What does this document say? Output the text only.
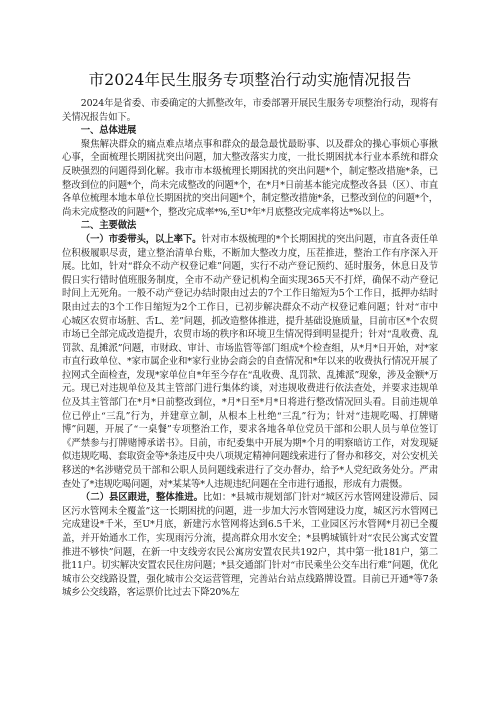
市2024年民生服务专项整治行动实施情况报告

2024年是省委、市委确定的大抓整改年，市委部署开展民生服务专项整治行动，现将有关情况报告如下。

一、总体进展

聚焦解决群众的痛点难点堵点事和群众的最急最忧最盼事、以及群众的操心事烦心事揪心事，全面梳理长期困扰突出问题，加大整改落实力度，一批长期困扰本行业本系统和群众反映强烈的问题得到化解。我市市本级梳理长期困扰的突出问题*个，制定整改措施*条，已整改到位的问题*个，尚未完成整改的问题*个，在*月*日前基本能完成整改各县（区）、市直各单位梳理本地本单位长期困扰的突出问题*个，制定整改措施*条，已整改到位的问题*个，尚未完成整改的问题*个，整改完成率*%,至U*年*月底整改完成率将达*%以上。

二、主要做法

（一）市委带头，以上率下。针对市本级梳理的*个长期困扰的突出问题，市直各责任单位积极履职尽责，建立整治清单台账，不断加大整改力度，压茬推进，整治工作有序深入开展。比如，针对“群众不动产权登记难”问题，实行不动产登记预约、延时服务，休息日及节假日实行错时值班服务制度，全市不动产登记机构全面实现365天不打烊，确保不动产登记时间上无死角。一般不动产登记办结时限由过去的7个工作日缩短为5个工作日，抵押办结时限由过去的3个工作日缩短为2个工作日，已初步解决群众不动产权登记难问题；针对“市中心城区农贸市场脏、舌L、差”问题，抓改造整体推进，提升基础设施质量，目前市区*个农贸市场已全部完成改造提升，农贸市场的秩序和环境卫生情况得到明显提升；针对“乱收费、乱罚款、乱摊派”问题，市财政、审计、市场监管等部门组成*个检查组，从*月*日开始，对*家市直行政单位、*家市属企业和*家行业协会商会的自查情况和*年以来的收费执行情况开展了拉网式全面检查，发现*家单位自*年至今存在“乱收费、乱罚款、乱摊派”现象，涉及金额*万元。现已对违规单位及其主管部门进行集体约谈，对违规收费进行依法查处，并要求违规单位及其主管部门在*月*日前整改到位，*月*日至*月*日将进行整改情况回头看。目前违规单位已停止“三乱”行为，并建章立制，从根本上杜绝“三乱”行为；针对“违规吃喝、打牌赌博”问题，开展了“一桌餐”专项整治工作，要求各地各单位党员干部和公职人员与单位签订《严禁参与打牌赌博承诺书》。目前，市纪委集中开展为期*个月的明察暗访工作，对发现疑似违规吃喝、套取资金等*条违反中央八项规定精神问题线索进行了督办和移交，对公安机关移送的*名涉赌党员干部和公职人员问题线索进行了交办督办，给予*人党纪政务处分。严肃查处了*违规吃喝问题，对*某某等*人违规违纪问题在全市进行通报，形成有力震慑。

（二）县区跟进，整体推进。比如：*县城市规划部门针对“城区污水管网建设滞后、园区污水管网未全覆盖”这一长期困扰的问题，进一步加大污水管网建设力度，城区污水管网已完成建设*千米，至U*月底，新建污水管网将达到6.5千米，工业园区污水管网*月初已全覆盖，并开始通水工作，实现雨污分流，提高群众用水安全；*县鸭城镇针对“农民公寓式安置推进不够快”问题，在新一中支线旁农民公寓房安置农民共192户，其中第一批181户，第二批11户。切实解决安置农民住房问题；*县交通部门针对“市民乘坐公交车出行难”问题，优化城市公交线路设置，强化城市公交运营管理，完善站台站点线路牌设置。目前已开通*等7条城乡公交线路，客运票价比过去下降20%左
